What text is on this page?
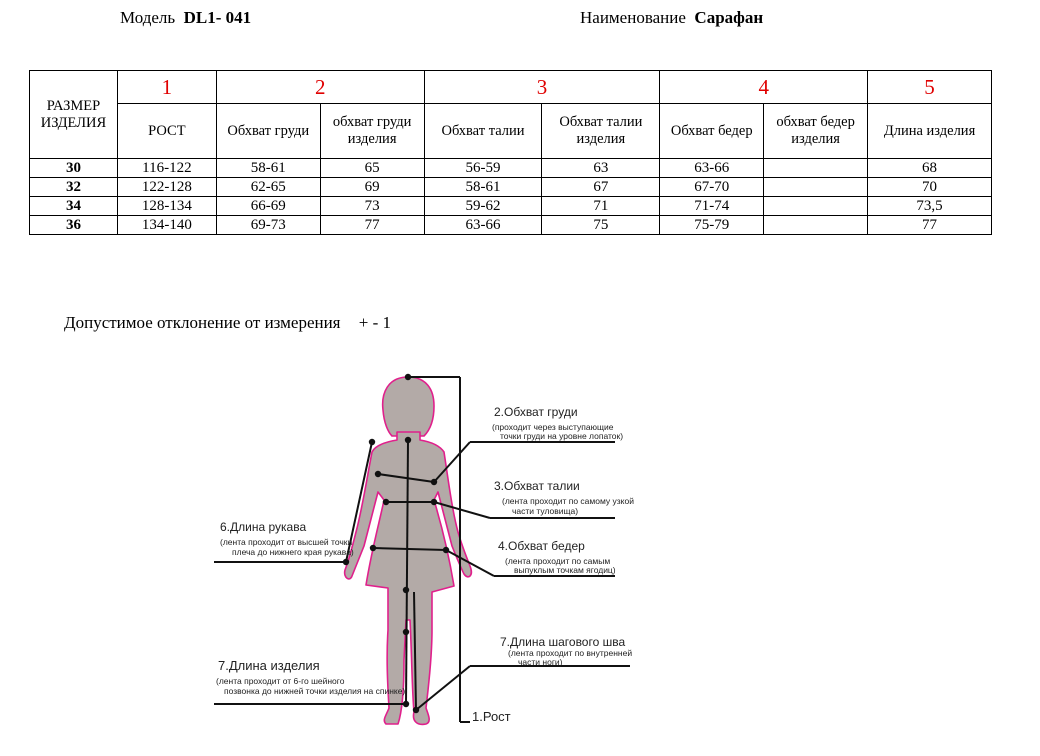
Модель DL1- 041	Наименование Сарафан
РАЗМЕР ИЗДЕЛИЯ	1	2		3		4		5
	РОСТ	Обхват груди	обхват груди изделия	Обхват талии	Обхват талии изделия	Обхват бедер	обхват бедер изделия	Длина изделия
30	116-122	58-61	65	56-59	63	63-66		68
32	122-128	62-65	69	58-61	67	67-70		70
34	128-134	66-69	73	59-62	71	71-74		73,5
36	134-140	69-73	77	63-66	75	75-79		77
Допустимое отклонение от измерения + - 1
2.Обхват груди
(проходит через выступающие
точки груди на уровне лопаток)
3.Обхват талии
(лента проходит по самому узкой
части туловища)
4.Обхват бедер
(лента проходит по самым
выпуклым точкам ягодиц)
6.Длина рукава
(лента проходит от высшей точки
плеча до нижнего края рукава)
7.Длина шагового шва
(лента проходит по внутренней
части ноги)
7.Длина изделия
(лента проходит от 6-го шейного
позвонка до нижней точки изделия на спинке)
1.Рост
